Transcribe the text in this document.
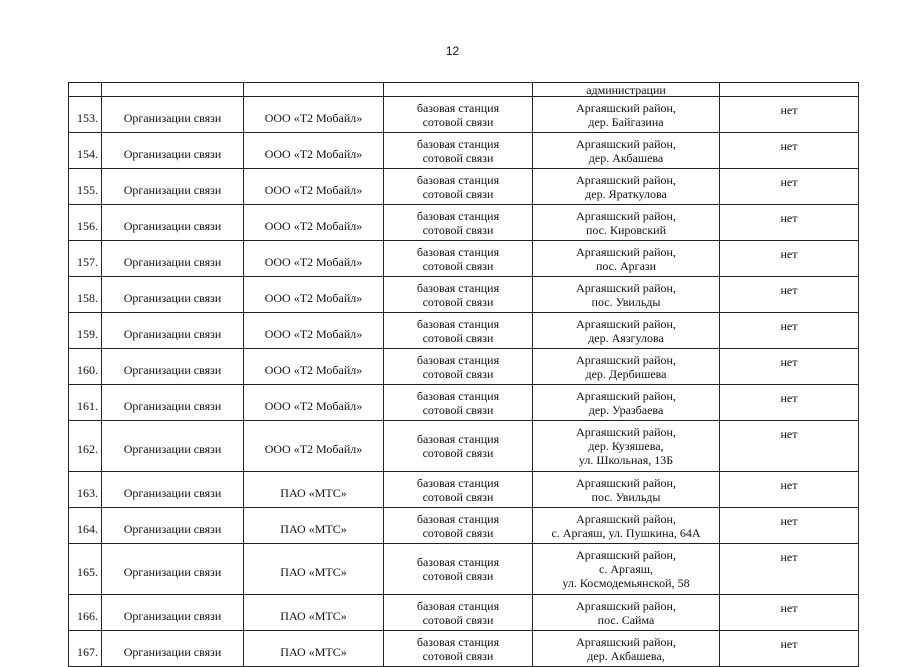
12
				администрации	
153.	Организации связи	ООО «Т2 Мобайл»	базовая станция
сотовой связи	Аргаяшский район,
дер. Байгазина	нет
154.	Организации связи	ООО «Т2 Мобайл»	базовая станция
сотовой связи	Аргаяшский район,
дер. Акбашева	нет
155.	Организации связи	ООО «Т2 Мобайл»	базовая станция
сотовой связи	Аргаяшский район,
дер. Яраткулова	нет
156.	Организации связи	ООО «Т2 Мобайл»	базовая станция
сотовой связи	Аргаяшский район,
пос. Кировский	нет
157.	Организации связи	ООО «Т2 Мобайл»	базовая станция
сотовой связи	Аргаяшский район,
пос. Аргази	нет
158.	Организации связи	ООО «Т2 Мобайл»	базовая станция
сотовой связи	Аргаяшский район,
пос. Увильды	нет
159.	Организации связи	ООО «Т2 Мобайл»	базовая станция
сотовой связи	Аргаяшский район,
дер. Аязгулова	нет
160.	Организации связи	ООО «Т2 Мобайл»	базовая станция
сотовой связи	Аргаяшский район,
дер. Дербишева	нет
161.	Организации связи	ООО «Т2 Мобайл»	базовая станция
сотовой связи	Аргаяшский район,
дер. Уразбаева	нет
162.	Организации связи	ООО «Т2 Мобайл»	базовая станция
сотовой связи	Аргаяшский район,
дер. Кузяшева,
ул. Школьная, 13Б	нет
163.	Организации связи	ПАО «МТС»	базовая станция
сотовой связи	Аргаяшский район,
пос. Увильды	нет
164.	Организации связи	ПАО «МТС»	базовая станция
сотовой связи	Аргаяшский район,
с. Аргаяш, ул. Пушкина, 64А	нет
165.	Организации связи	ПАО «МТС»	базовая станция
сотовой связи	Аргаяшский район,
с. Аргаяш,
ул. Космодемьянской, 58	нет
166.	Организации связи	ПАО «МТС»	базовая станция
сотовой связи	Аргаяшский район,
пос. Сайма	нет
167.	Организации связи	ПАО «МТС»	базовая станция
сотовой связи	Аргаяшский район,
дер. Акбашева,	нет
